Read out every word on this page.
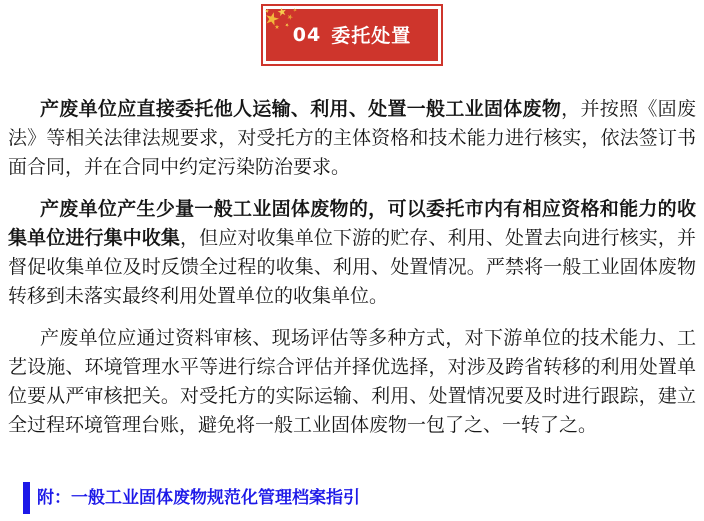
04 委托处置

产废单位应直接委托他人运输、利用、处置一般工业固体废物，并按照《固废法》等相关法律法规要求，对受托方的主体资格和技术能力进行核实，依法签订书面合同，并在合同中约定污染防治要求。

产废单位产生少量一般工业固体废物的，可以委托市内有相应资格和能力的收集单位进行集中收集，但应对收集单位下游的贮存、利用、处置去向进行核实，并督促收集单位及时反馈全过程的收集、利用、处置情况。严禁将一般工业固体废物转移到未落实最终利用处置单位的收集单位。

产废单位应通过资料审核、现场评估等多种方式，对下游单位的技术能力、工艺设施、环境管理水平等进行综合评估并择优选择，对涉及跨省转移的利用处置单位要从严审核把关。对受托方的实际运输、利用、处置情况要及时进行跟踪，建立全过程环境管理台账，避免将一般工业固体废物一包了之、一转了之。

附：一般工业固体废物规范化管理档案指引
